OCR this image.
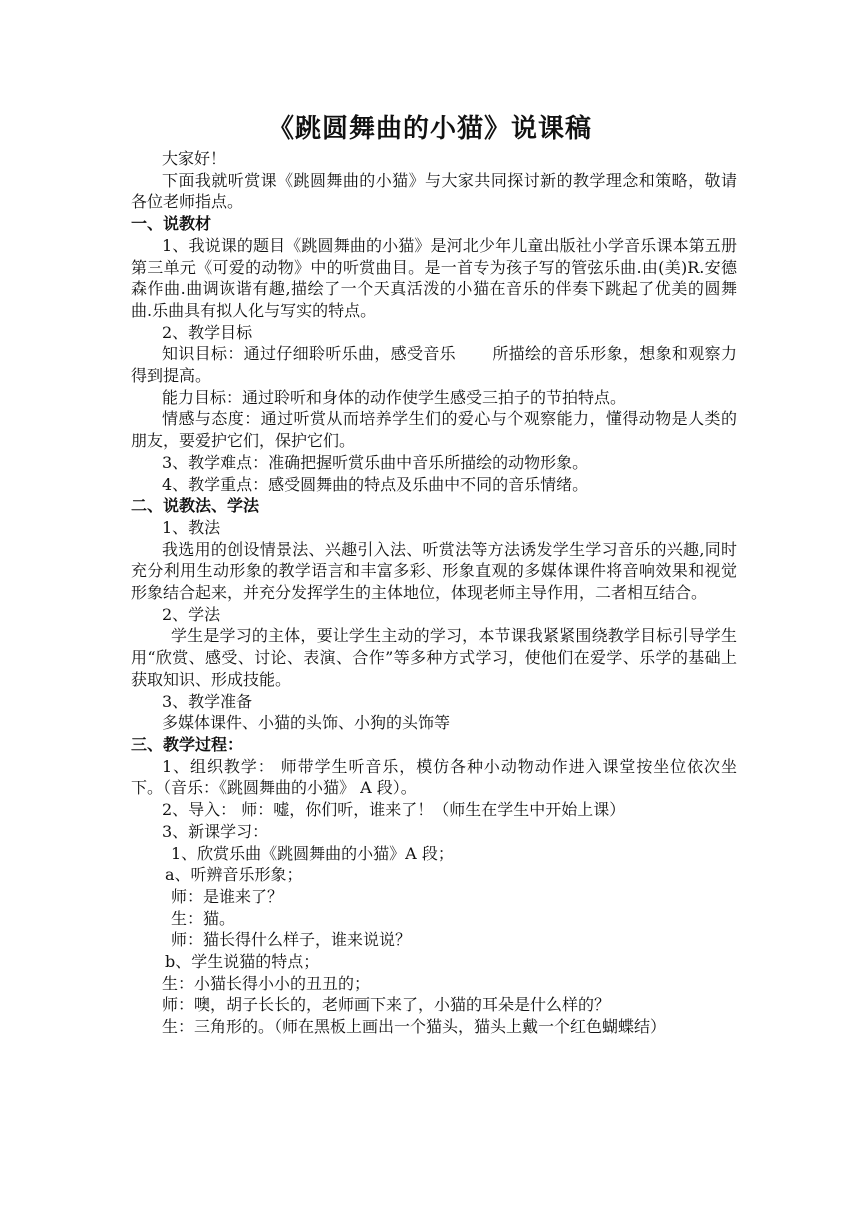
《跳圆舞曲的小猫》说课稿

大家好！

下面我就听赏课《跳圆舞曲的小猫》与大家共同探讨新的教学理念和策略，敬请各位老师指点。

一、说教材

1、我说课的题目《跳圆舞曲的小猫》是河北少年儿童出版社小学音乐课本第五册第三单元《可爱的动物》中的听赏曲目。是一首专为孩子写的管弦乐曲.由(美)R.安德森作曲.曲调诙谐有趣,描绘了一个天真活泼的小猫在音乐的伴奏下跳起了优美的圆舞曲.乐曲具有拟人化与写实的特点。

2、教学目标

知识目标：通过仔细聆听乐曲，感受音乐 所描绘的音乐形象，想象和观察力得到提高。

能力目标：通过聆听和身体的动作使学生感受三拍子的节拍特点。

情感与态度：通过听赏从而培养学生们的爱心与个观察能力，懂得动物是人类的朋友，要爱护它们，保护它们。

3、教学难点：准确把握听赏乐曲中音乐所描绘的动物形象。

4、教学重点：感受圆舞曲的特点及乐曲中不同的音乐情绪。

二、说教法、学法

1、教法

我选用的创设情景法、兴趣引入法、听赏法等方法诱发学生学习音乐的兴趣,同时充分利用生动形象的教学语言和丰富多彩、形象直观的多媒体课件将音响效果和视觉形象结合起来，并充分发挥学生的主体地位，体现老师主导作用，二者相互结合。

2、学法

学生是学习的主体，要让学生主动的学习，本节课我紧紧围绕教学目标引导学生用“欣赏、感受、讨论、表演、合作”等多种方式学习，使他们在爱学、乐学的基础上获取知识、形成技能。

3、教学准备

多媒体课件、小猫的头饰、小狗的头饰等

三、教学过程：

1、组织教学： 师带学生听音乐，模仿各种小动物动作进入课堂按坐位依次坐下。（音乐：《跳圆舞曲的小猫》 A 段）。

2、导入： 师：嘘，你们听，谁来了！（师生在学生中开始上课）

3、新课学习：

1、欣赏乐曲《跳圆舞曲的小猫》A 段；

a、听辨音乐形象；

师：是谁来了？

生：猫。

师：猫长得什么样子，谁来说说？

b、学生说猫的特点；

生：小猫长得小小的丑丑的；

师：噢，胡子长长的，老师画下来了，小猫的耳朵是什么样的？

生：三角形的。（师在黑板上画出一个猫头，猫头上戴一个红色蝴蝶结）
